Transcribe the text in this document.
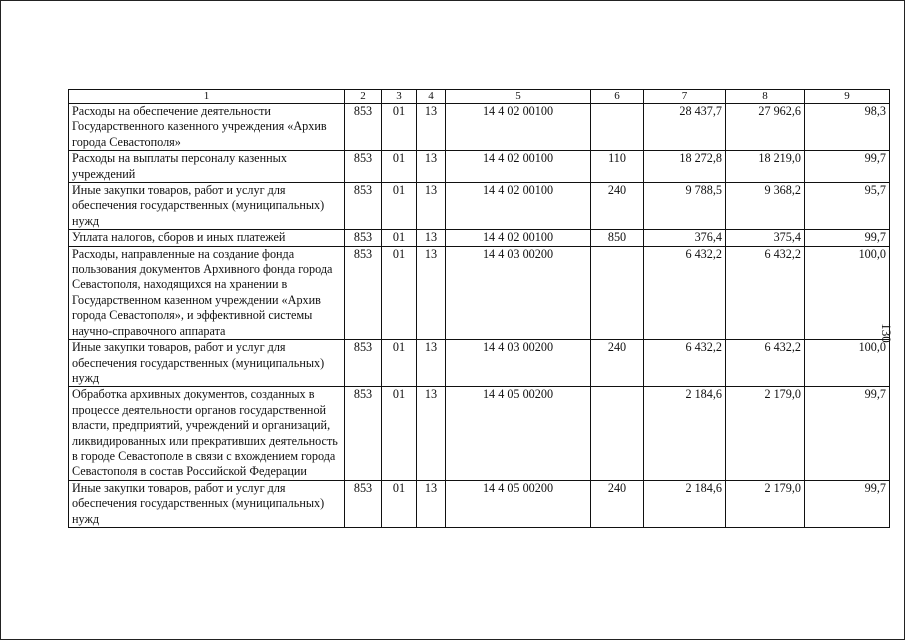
130
1	2	3	4	5	6	7	8	9
Расходы на обеспечение деятельности Государственного казенного учреждения «Архив города Севастополя»	853	01	13	14 4 02 00100		28 437,7	27 962,6	98,3
Расходы на выплаты персоналу казенных учреждений	853	01	13	14 4 02 00100	110	18 272,8	18 219,0	99,7
Иные закупки товаров, работ и услуг для обеспечения государственных (муниципальных) нужд	853	01	13	14 4 02 00100	240	9 788,5	9 368,2	95,7
Уплата налогов, сборов и иных платежей	853	01	13	14 4 02 00100	850	376,4	375,4	99,7
Расходы, направленные на создание фонда пользования документов Архивного фонда города Севастополя, находящихся на хранении в Государственном казенном учреждении «Архив города Севастополя», и эффективной системы научно-справочного аппарата	853	01	13	14 4 03 00200		6 432,2	6 432,2	100,0
Иные закупки товаров, работ и услуг для обеспечения государственных (муниципальных) нужд	853	01	13	14 4 03 00200	240	6 432,2	6 432,2	100,0
Обработка архивных документов, созданных в процессе деятельности органов государственной власти, предприятий, учреждений и организаций, ликвидированных или прекративших деятельность в городе Севастополе в связи с вхождением города Севастополя в состав Российской Федерации	853	01	13	14 4 05 00200		2 184,6	2 179,0	99,7
Иные закупки товаров, работ и услуг для обеспечения государственных (муниципальных) нужд	853	01	13	14 4 05 00200	240	2 184,6	2 179,0	99,7
